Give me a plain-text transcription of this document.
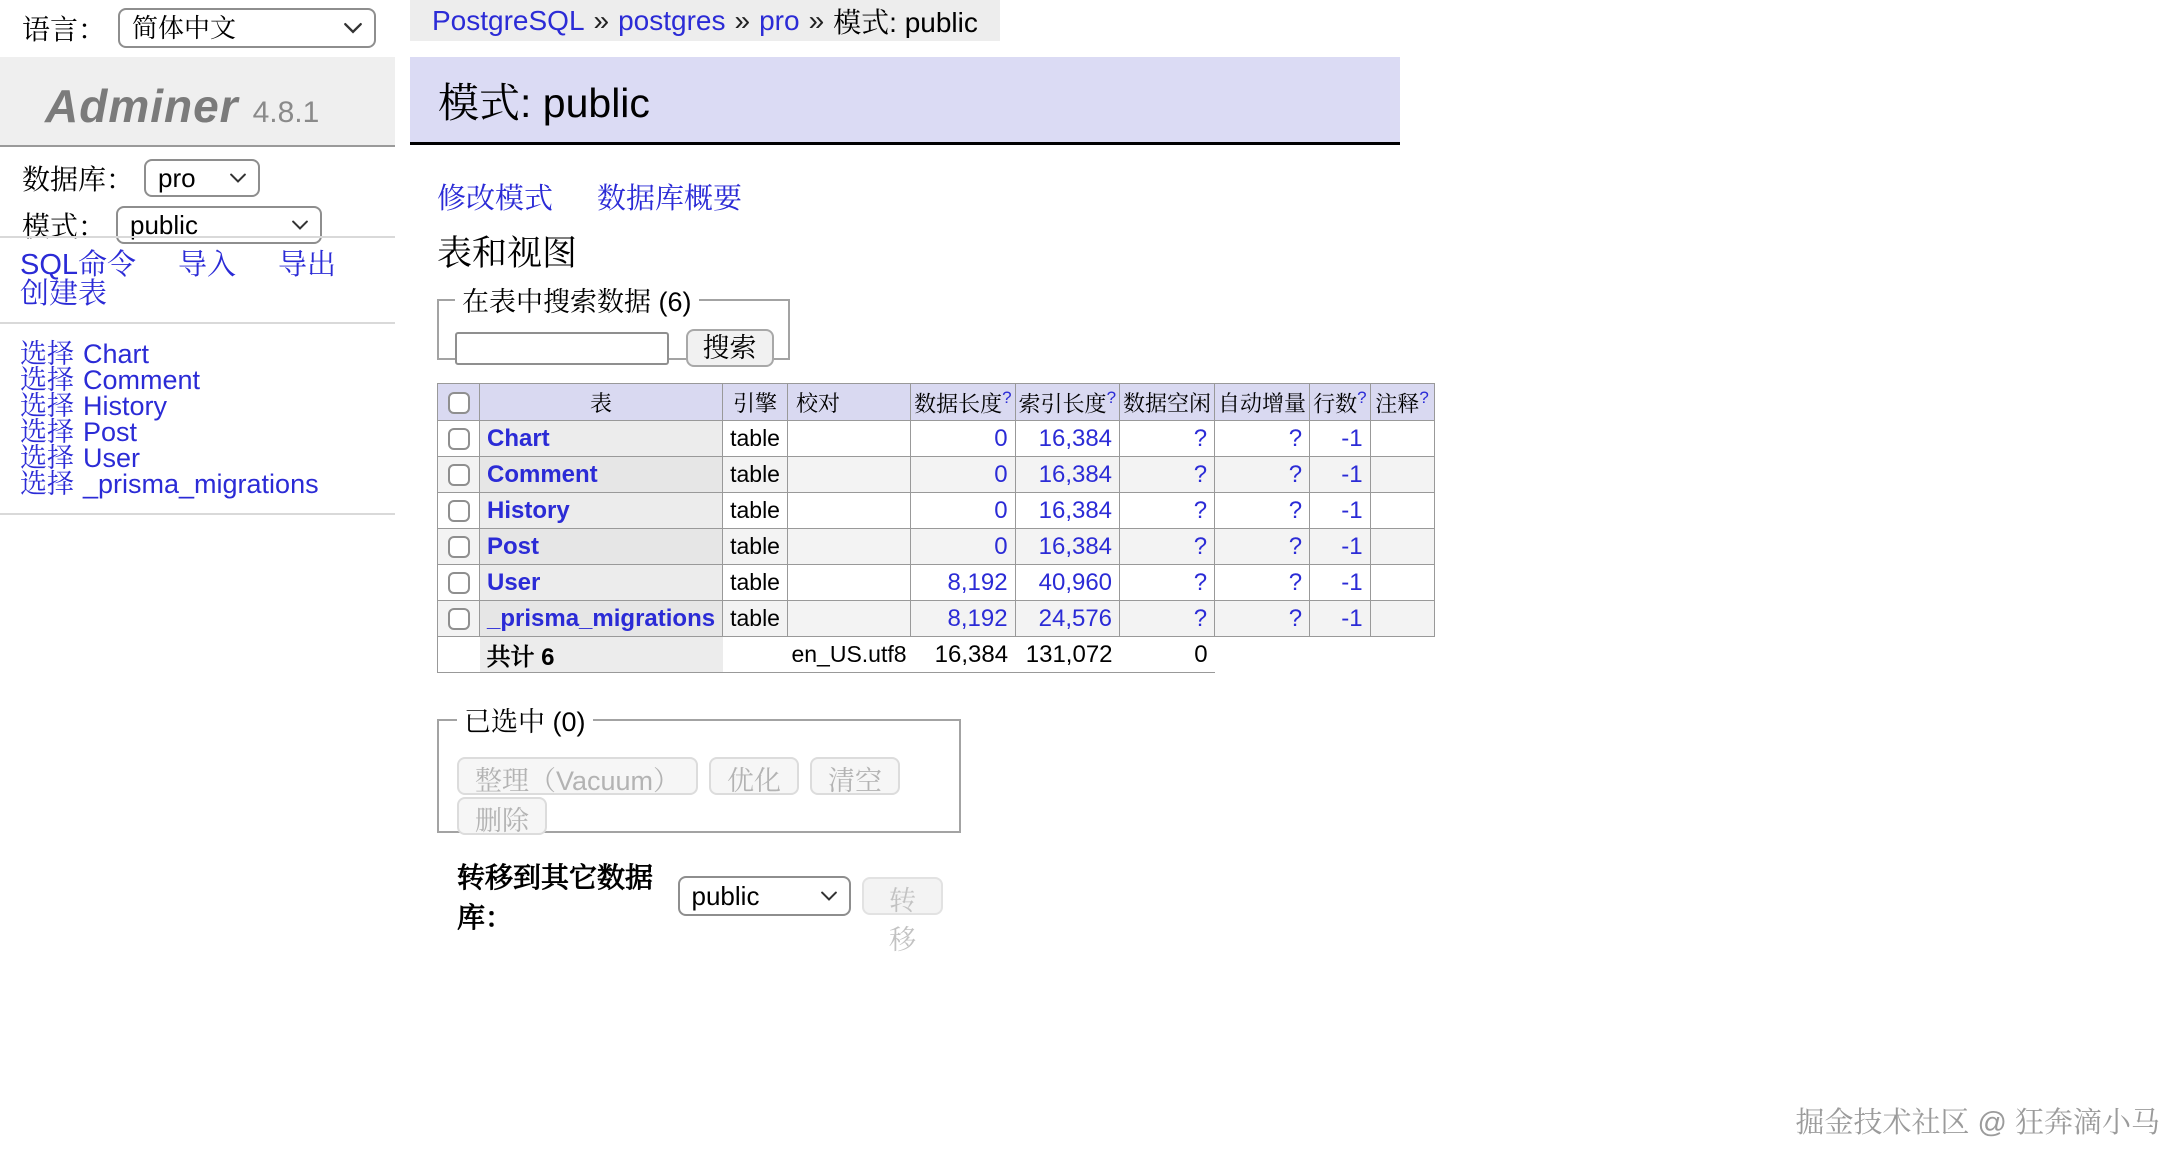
语言：
简体中文
Adminer 4.8.1
数据库：
pro
模式：
public
SQL命令 导入 导出
创建表
选择 Chart
选择 Comment
选择 History
选择 Post
选择 User
选择 _prisma_migrations
PostgreSQL » postgres » pro » 模式: public
模式: public
修改模式 数据库概要
表和视图
在表中搜索数据 (6)
搜索
	表	引擎	校对	数据长度?	索引长度?	数据空闲	自动增量	行数?	注释?
	Chart	table		0	16,384	?	?	-1	
	Comment	table		0	16,384	?	?	-1	
	History	table		0	16,384	?	?	-1	
	Post	table		0	16,384	?	?	-1	
	User	table		8,192	40,960	?	?	-1	
	_prisma_migrations	table		8,192	24,576	?	?	-1	
	共计 6		en_US.utf8	16,384	131,072	0			
已选中 (0)
整理（Vacuum） 优化 清空删除
转移到其它数据库：
public
转移
掘金技术社区 @ 狂奔滴小马
